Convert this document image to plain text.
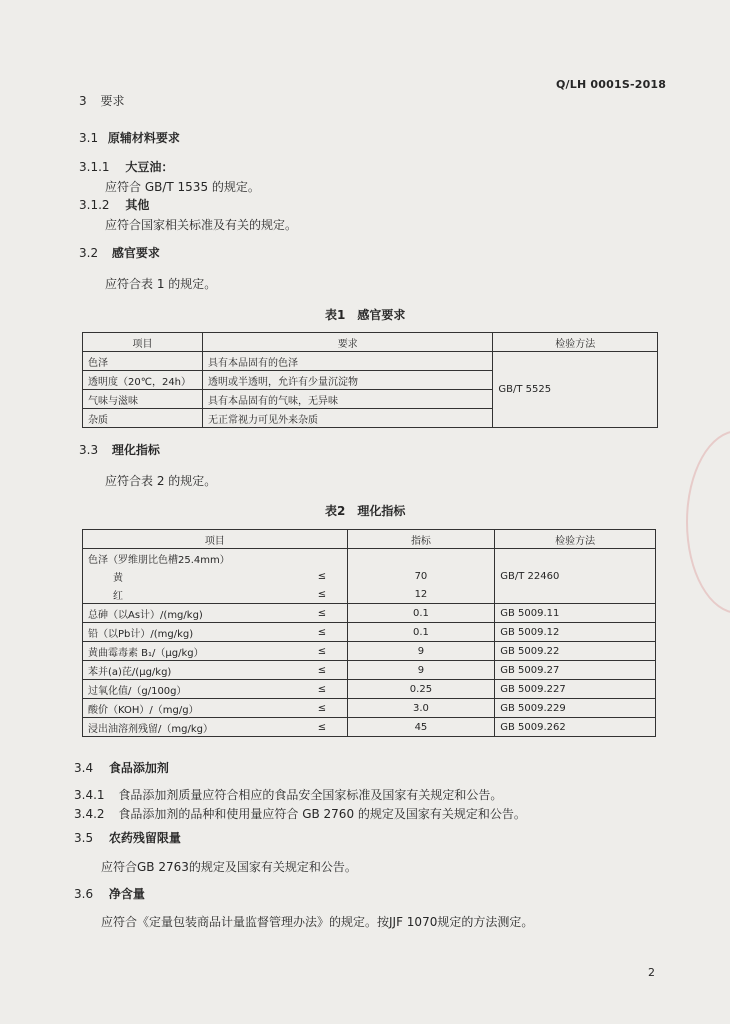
Q/LH 0001S-2018
3 要求
3.1 原辅材料要求
3.1.1 大豆油：
应符合 GB/T 1535 的规定。
3.1.2 其他
应符合国家相关标准及有关的规定。
3.2 感官要求
应符合表 1 的规定。
表1　感官要求
项目	要求	检验方法
色泽	具有本品固有的色泽	GB/T 5525
透明度（20℃，24h）	透明或半透明，允许有少量沉淀物	
气味与滋味	具有本品固有的气味，无异味	
杂质	无正常视力可见外来杂质	
3.3 理化指标
应符合表 2 的规定。
表2　理化指标
项目		指标	检验方法
色泽（罗维朋比色槽25.4mm）			
黄	≤	70	GB/T 22460
红	≤	12	
总砷（以As计）/(mg/kg)	≤	0.1	GB 5009.11
铅（以Pb计）/(mg/kg)	≤	0.1	GB 5009.12
黄曲霉毒素 B₁/（μg/kg）	≤	9	GB 5009.22
苯并(a)芘/(μg/kg)	≤	9	GB 5009.27
过氧化值/（g/100g）	≤	0.25	GB 5009.227
酸价（KOH）/（mg/g）	≤	3.0	GB 5009.229
浸出油溶剂残留/（mg/kg）	≤	45	GB 5009.262
3.4 食品添加剂
3.4.1 食品添加剂质量应符合相应的食品安全国家标准及国家有关规定和公告。
3.4.2 食品添加剂的品种和使用量应符合 GB 2760 的规定及国家有关规定和公告。
3.5 农药残留限量
应符合GB 2763的规定及国家有关规定和公告。
3.6 净含量
应符合《定量包装商品计量监督管理办法》的规定。按JJF 1070规定的方法测定。
2
